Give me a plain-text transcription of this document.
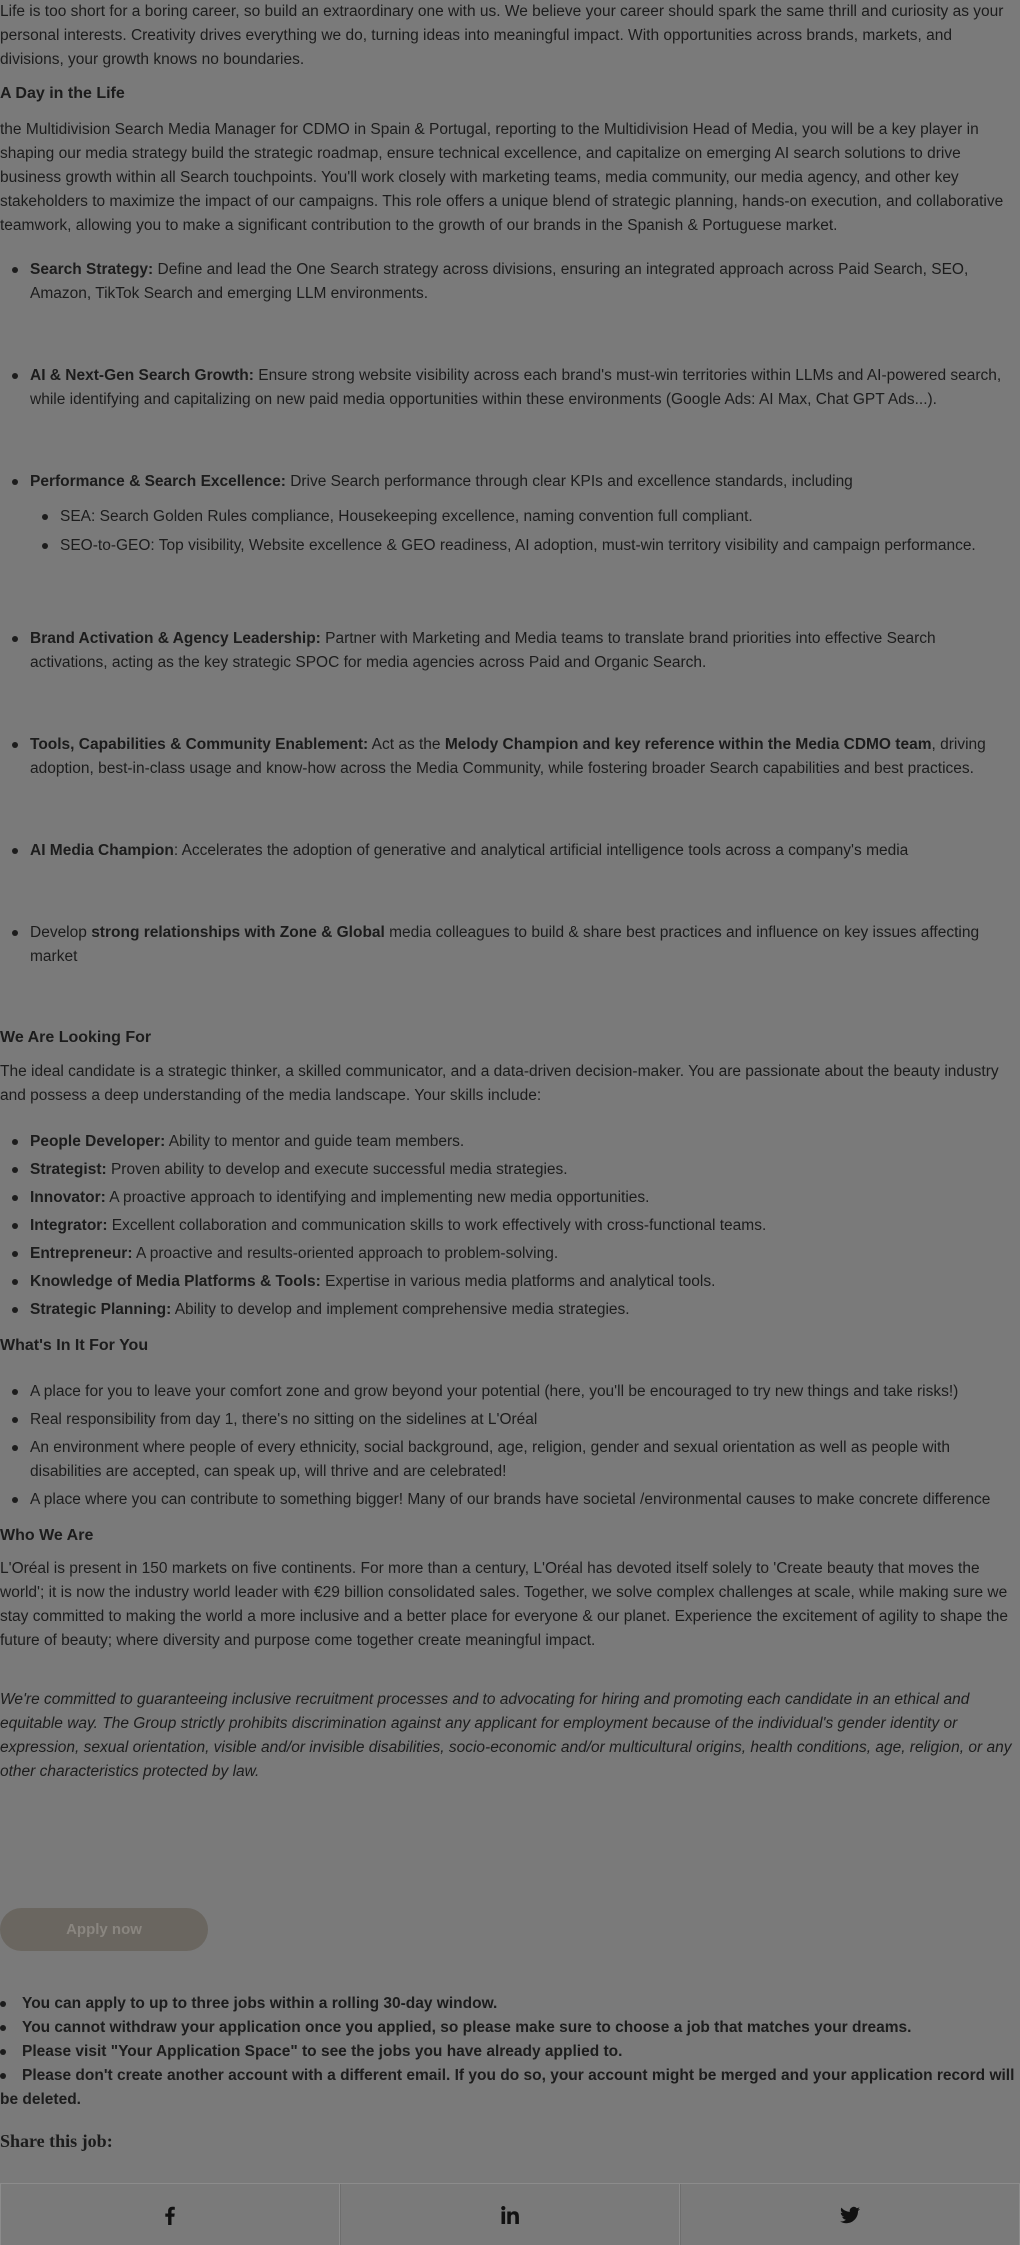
Life is too short for a boring career, so build an extraordinary one with us. We believe your career should spark the same thrill and curiosity as your personal interests. Creativity drives everything we do, turning ideas into meaningful impact. With opportunities across brands, markets, and divisions, your growth knows no boundaries.

A Day in the Life

the Multidivision Search Media Manager for CDMO in Spain & Portugal, reporting to the Multidivision Head of Media, you will be a key player in shaping our media strategy build the strategic roadmap, ensure technical excellence, and capitalize on emerging AI search solutions to drive business growth within all Search touchpoints. You'll work closely with marketing teams, media community, our media agency, and other key stakeholders to maximize the impact of our campaigns. This role offers a unique blend of strategic planning, hands-on execution, and collaborative teamwork, allowing you to make a significant contribution to the growth of our brands in the Spanish & Portuguese market.

Search Strategy: Define and lead the One Search strategy across divisions, ensuring an integrated approach across Paid Search, SEO, Amazon, TikTok Search and emerging LLM environments.
AI & Next-Gen Search Growth: Ensure strong website visibility across each brand's must-win territories within LLMs and AI-powered search, while identifying and capitalizing on new paid media opportunities within these environments (Google Ads: AI Max, Chat GPT Ads...).
Performance & Search Excellence: Drive Search performance through clear KPIs and excellence standards, including
SEA: Search Golden Rules compliance, Housekeeping excellence, naming convention full compliant.
SEO-to-GEO: Top visibility, Website excellence & GEO readiness, AI adoption, must-win territory visibility and campaign performance.
Brand Activation & Agency Leadership: Partner with Marketing and Media teams to translate brand priorities into effective Search activations, acting as the key strategic SPOC for media agencies across Paid and Organic Search.
Tools, Capabilities & Community Enablement: Act as the Melody Champion and key reference within the Media CDMO team, driving adoption, best-in-class usage and know-how across the Media Community, while fostering broader Search capabilities and best practices.
AI Media Champion: Accelerates the adoption of generative and analytical artificial intelligence tools across a company's media
Develop strong relationships with Zone & Global media colleagues to build & share best practices and influence on key issues affecting market
We Are Looking For

The ideal candidate is a strategic thinker, a skilled communicator, and a data-driven decision-maker. You are passionate about the beauty industry and possess a deep understanding of the media landscape. Your skills include:

People Developer: Ability to mentor and guide team members.
Strategist: Proven ability to develop and execute successful media strategies.
Innovator: A proactive approach to identifying and implementing new media opportunities.
Integrator: Excellent collaboration and communication skills to work effectively with cross-functional teams.
Entrepreneur: A proactive and results-oriented approach to problem-solving.
Knowledge of Media Platforms & Tools: Expertise in various media platforms and analytical tools.
Strategic Planning: Ability to develop and implement comprehensive media strategies.
What's In It For You
A place for you to leave your comfort zone and grow beyond your potential (here, you'll be encouraged to try new things and take risks!)
Real responsibility from day 1, there's no sitting on the sidelines at L'Oréal
An environment where people of every ethnicity, social background, age, religion, gender and sexual orientation as well as people with disabilities are accepted, can speak up, will thrive and are celebrated!
A place where you can contribute to something bigger! Many of our brands have societal /environmental causes to make concrete difference
Who We Are

L'Oréal is present in 150 markets on five continents. For more than a century, L'Oréal has devoted itself solely to 'Create beauty that moves the world'; it is now the industry world leader with €29 billion consolidated sales. Together, we solve complex challenges at scale, while making sure we stay committed to making the world a more inclusive and a better place for everyone & our planet. Experience the excitement of agility to shape the future of beauty; where diversity and purpose come together create meaningful impact.

We're committed to guaranteeing inclusive recruitment processes and to advocating for hiring and promoting each candidate in an ethical and equitable way. The Group strictly prohibits discrimination against any applicant for employment because of the individual's gender identity or expression, sexual orientation, visible and/or invisible disabilities, socio-economic and/or multicultural origins, health conditions, age, religion, or any other characteristics protected by law.

Apply now
You can apply to up to three jobs within a rolling 30-day window.
You cannot withdraw your application once you applied, so please make sure to choose a job that matches your dreams.
Please visit "Your Application Space" to see the jobs you have already applied to.
Please don't create another account with a different email. If you do so, your account might be merged and your application record will be deleted.
Share this job:
